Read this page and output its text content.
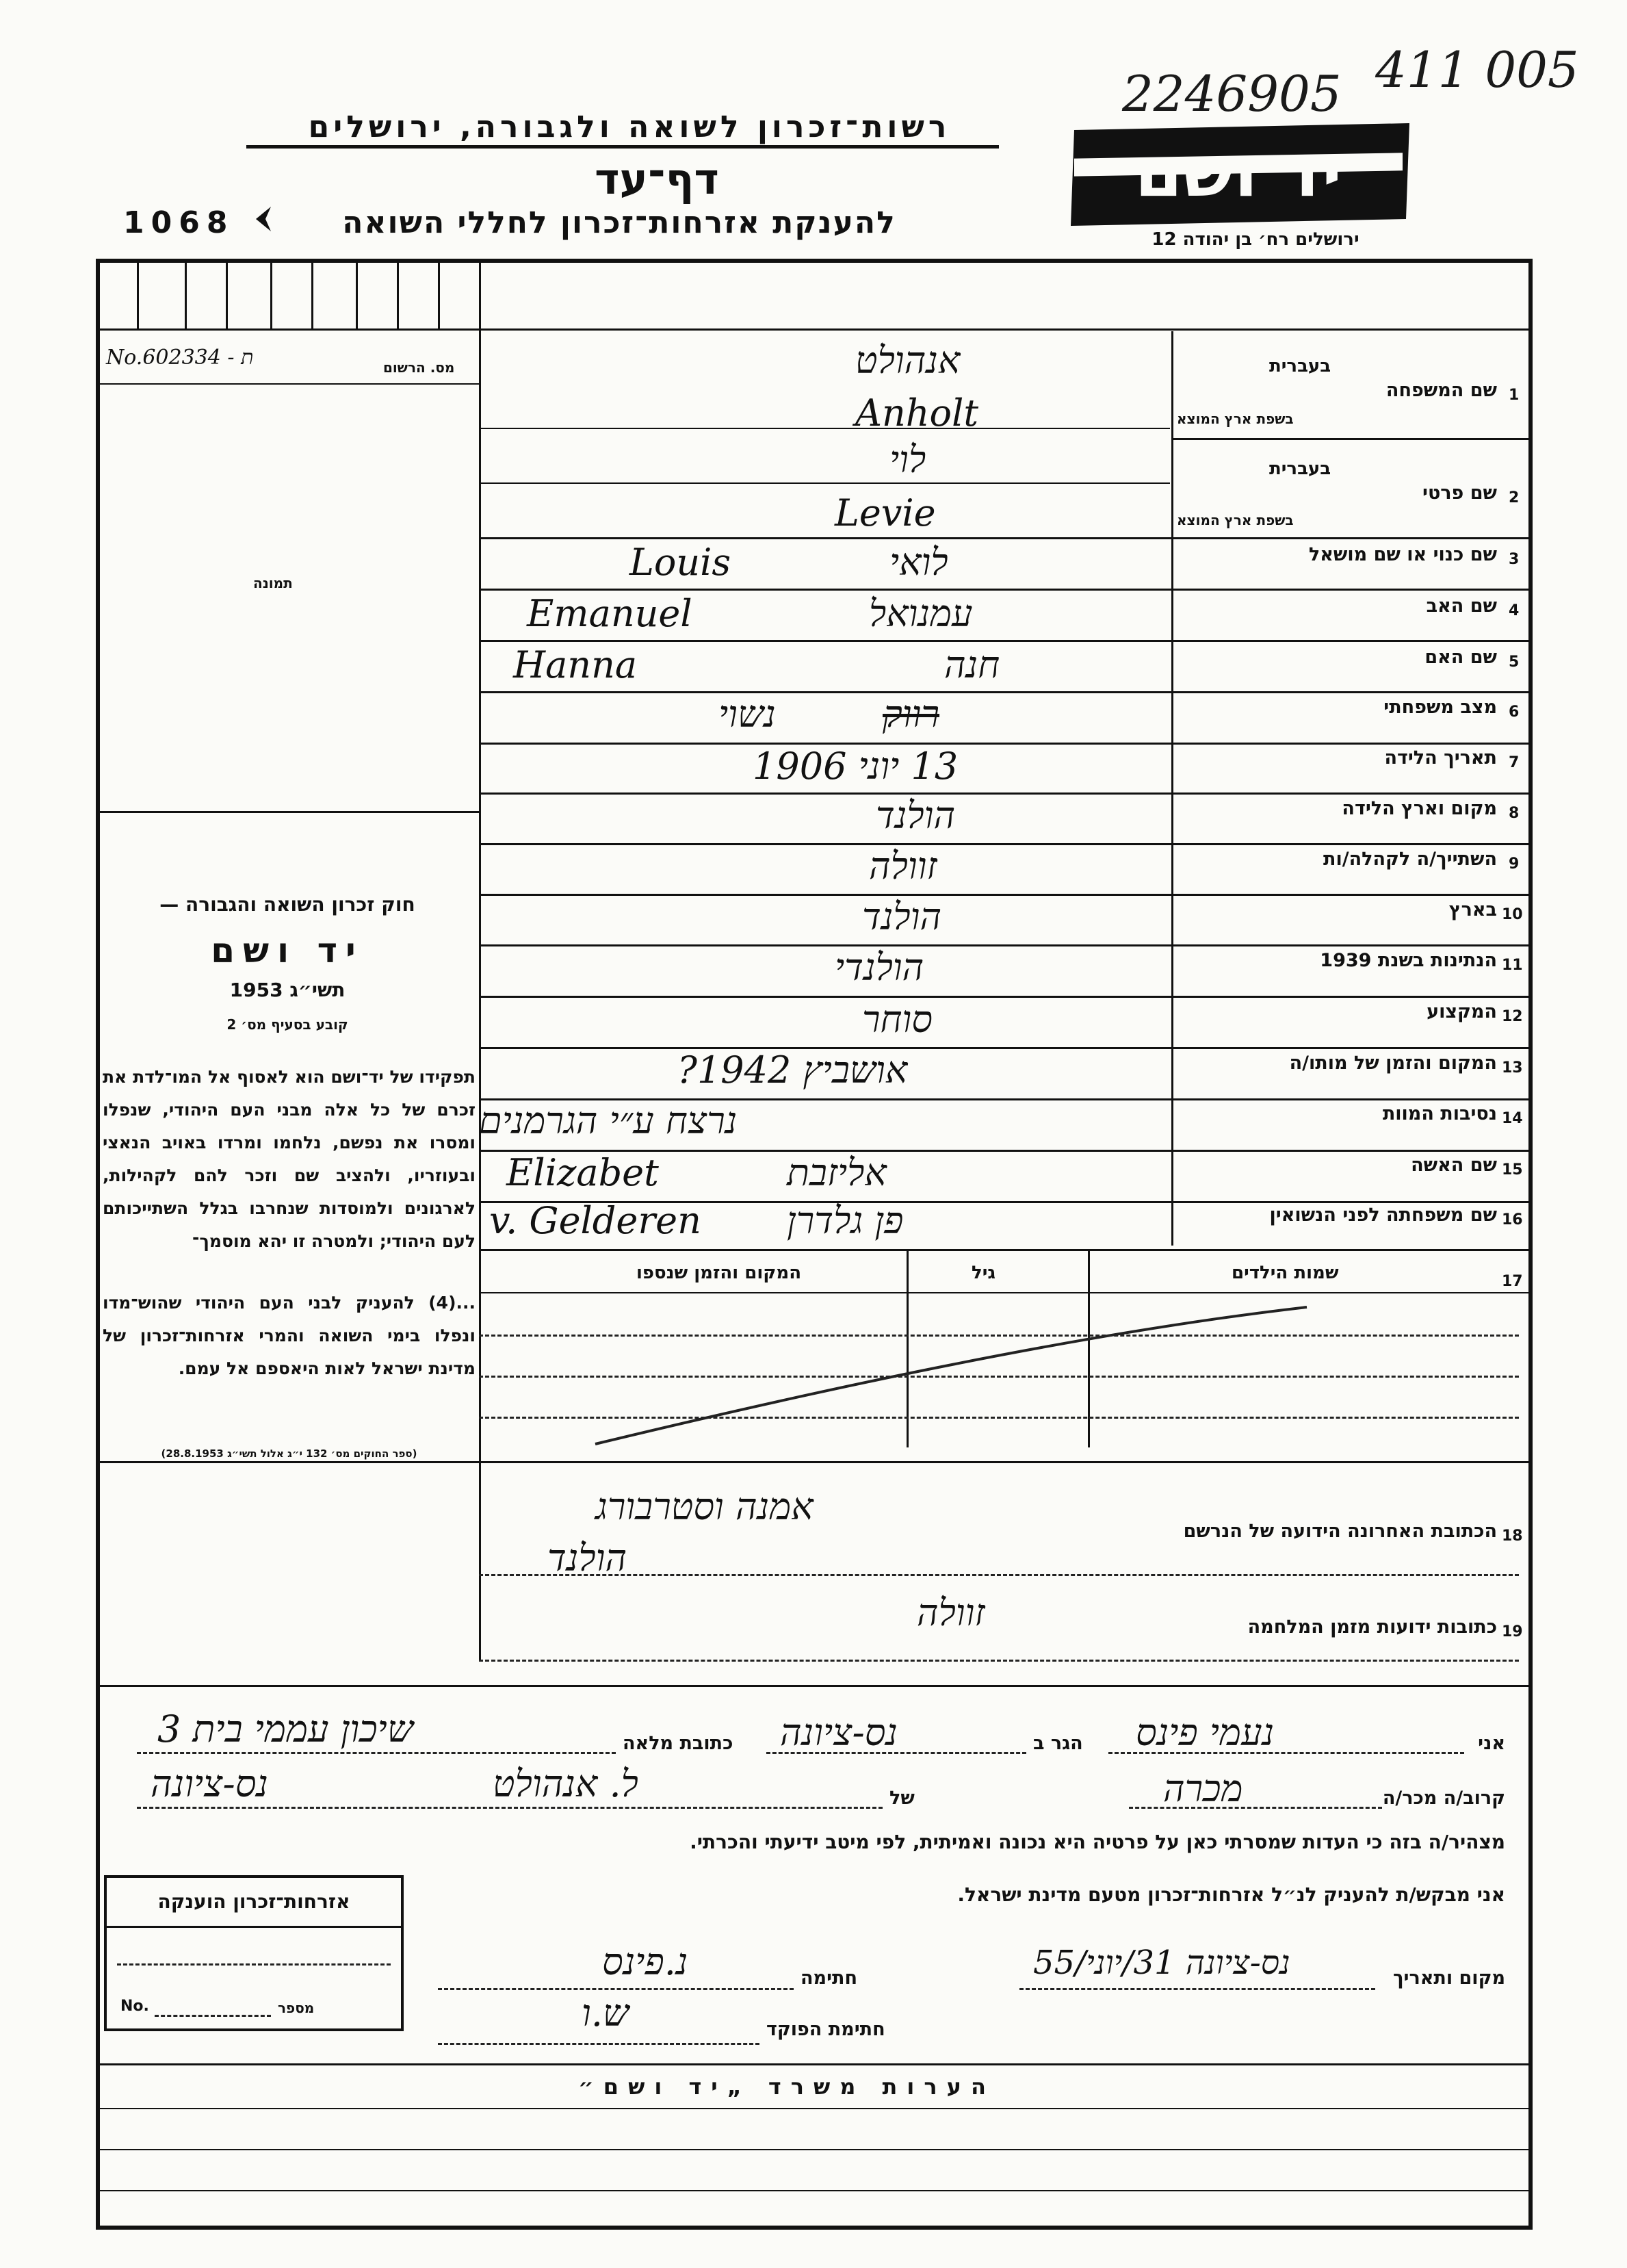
2246905 411 005
רשות־זכרון לשואה ולגבורה, ירושלים
דף־עד
להענקת אזרחות־זכרון לחללי השואה
1068
יד ושם
ירושלים רח׳ בן יהודה 12
No.602334 - ת	מס. הרשום
תמונה
חוק זכרון השואה והגבורה —
יד ושם
תשי״ג 1953
קובע בסעיף מס׳ 2
תפקידו של יד־ושם הוא לאסוף אל המו־לדת את זכרם של כל אלה מבני העם היהודי, שנפלו ומסרו את נפשם, נלחמו ומרדו באויב הנאצי ובעוזריו, ולהציב שם וזכר להם לקהילות, לארגונים ולמוסדות שנחרבו בגלל השתייכותם לעם היהודי; ולמטרה זו יהא מוסמך־
...(4) להעניק לבני העם היהודי שהוש־מדו ונפלו בימי השואה והמרי אזרחות־זכרון של מדינת ישראל לאות היאספם אל עמם.
(ספר החוקים מס׳ 132 י״ג אלול תשי״ג 28.8.1953)
1
שם המשפחה
בעברית
בשפת ארץ המוצא
אנהולט
Anholt
2
שם פרטי
בעברית
בשפת ארץ המוצא
לוי
Levie
3
שם כנוי או שם מושאל
לואי
Louis
4
שם האב
עמנואל
Emanuel
5
שם האם
חנה
Hanna
6
מצב משפחתי
נשוי	רווק
7
תאריך הלידה
13 יוני 1906
8
מקום וארץ הלידה
הולנד
9
השתייך/ה לקהלה/ות
זוולה
10
בארץ
הולנד
11
הנתינות בשנת 1939
הולנדי
12
המקצוע
סוחר
13
המקום והזמן של מותו/ה
אושביץ 1942?
14
נסיבות המוות
נרצח ע״י הגרמנים
15
שם האשה
אליזבת
Elizabet
16
שם משפחתה לפני הנשואין
פן גלדרן
v. Gelderen
17
שמות הילדים
גיל
המקום והזמן שנספו
18
הכתובת האחרונה הידועה של הנרשם
אמנה וסטרבורג
הולנד
19
כתובות ידועות מזמן המלחמה
זוולה
אני
נעמי פינס
הגר ב
נס-ציונה
כתובת מלאה
שיכון עממי בית 3
קרוב/ה מכר/ה
מכרה
של
ל. אנהולט
נס-ציונה
מצהיר/ה בזה כי העדות שמסרתי כאן על פרטיה היא נכונה ואמיתית, לפי מיטב ידיעתי והכרתי.
אני מבקש/ת להעניק לנ״ל אזרחות־זכרון מטעם מדינת ישראל.
מקום ותאריך
נס-ציונה 31/יוני/55
חתימה
נ.פינס
חתימת הפוקד
ש.ו
אזרחות־זכרון הוענקה
No.	מספר
הערות משרד „יד ושם״
